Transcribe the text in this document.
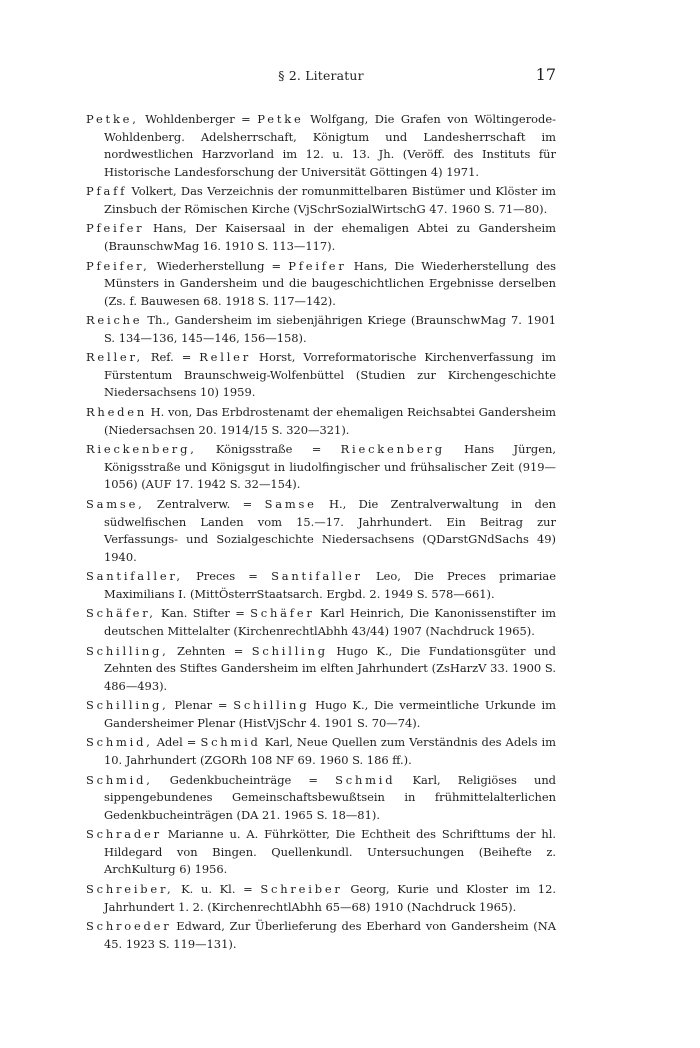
§ 2. Literatur	17

Petke, Wohldenberger = Petke Wolfgang, Die Grafen von Wöltingerode-Wohldenberg. Adelsherrschaft, Königtum und Landesherrschaft im nordwestlichen Harzvorland im 12. u. 13. Jh. (Veröff. des Instituts für Historische Landesforschung der Universität Göttingen 4) 1971.

Pfaff Volkert, Das Verzeichnis der romunmittelbaren Bistümer und Klöster im Zinsbuch der Römischen Kirche (VjSchrSozialWirtschG 47. 1960 S. 71—80).

Pfeifer Hans, Der Kaisersaal in der ehemaligen Abtei zu Gandersheim (BraunschwMag 16. 1910 S. 113—117).

Pfeifer, Wiederherstellung = Pfeifer Hans, Die Wiederherstellung des Münsters in Gandersheim und die baugeschichtlichen Ergebnisse derselben (Zs. f. Bauwesen 68. 1918 S. 117—142).

Reiche Th., Gandersheim im siebenjährigen Kriege (BraunschwMag 7. 1901 S. 134—136, 145—146, 156—158).

Reller, Ref. = Reller Horst, Vorreformatorische Kirchenverfassung im Fürstentum Braunschweig-Wolfenbüttel (Studien zur Kirchengeschichte Niedersachsens 10) 1959.

Rheden H. von, Das Erbdrostenamt der ehemaligen Reichsabtei Gandersheim (Niedersachsen 20. 1914/15 S. 320—321).

Rieckenberg, Königsstraße = Rieckenberg Hans Jürgen, Königsstraße und Königsgut in liudolfingischer und frühsalischer Zeit (919—1056) (AUF 17. 1942 S. 32—154).

Samse, Zentralverw. = Samse H., Die Zentralverwaltung in den südwelfischen Landen vom 15.—17. Jahrhundert. Ein Beitrag zur Verfassungs- und Sozialgeschichte Niedersachsens (QDarstGNdSachs 49) 1940.

Santifaller, Preces = Santifaller Leo, Die Preces primariae Maximilians I. (MittÖsterrStaatsarch. Ergbd. 2. 1949 S. 578—661).

Schäfer, Kan. Stifter = Schäfer Karl Heinrich, Die Kanonissenstifter im deutschen Mittelalter (KirchenrechtlAbhh 43/44) 1907 (Nachdruck 1965).

Schilling, Zehnten = Schilling Hugo K., Die Fundationsgüter und Zehnten des Stiftes Gandersheim im elften Jahrhundert (ZsHarzV 33. 1900 S. 486—493).

Schilling, Plenar = Schilling Hugo K., Die vermeintliche Urkunde im Gandersheimer Plenar (HistVjSchr 4. 1901 S. 70—74).

Schmid, Adel = Schmid Karl, Neue Quellen zum Verständnis des Adels im 10. Jahrhundert (ZGORh 108 NF 69. 1960 S. 186 ff.).

Schmid, Gedenkbucheinträge = Schmid Karl, Religiöses und sippengebundenes Gemeinschaftsbewußtsein in frühmittelalterlichen Gedenkbucheinträgen (DA 21. 1965 S. 18—81).

Schrader Marianne u. A. Führkötter, Die Echtheit des Schrifttums der hl. Hildegard von Bingen. Quellenkundl. Untersuchungen (Beihefte z. ArchKulturg 6) 1956.

Schreiber, K. u. Kl. = Schreiber Georg, Kurie und Kloster im 12. Jahrhundert 1. 2. (KirchenrechtlAbhh 65—68) 1910 (Nachdruck 1965).

Schroeder Edward, Zur Überlieferung des Eberhard von Gandersheim (NA 45. 1923 S. 119—131).
